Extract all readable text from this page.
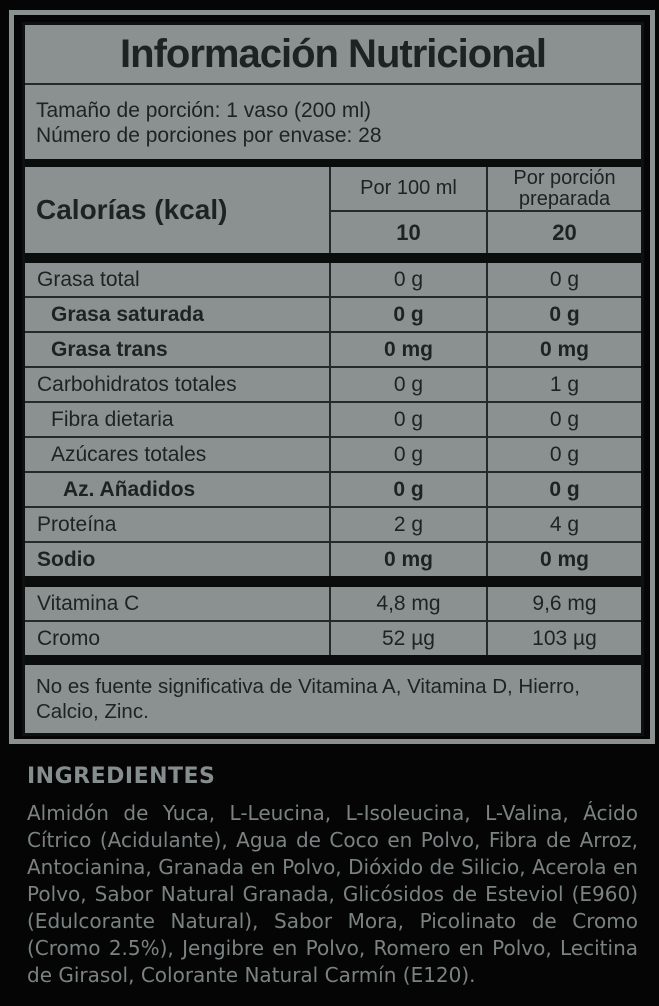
Información Nutricional
Tamaño de porción: 1 vaso (200 ml)
Número de porciones por envase: 28
Calorías (kcal)
Por 100 ml	Por porción preparada
10	20
Grasa total	0 g	0 g
Grasa saturada	0 g	0 g
Grasa trans	0 mg	0 mg
Carbohidratos totales	0 g	1 g
Fibra dietaria	0 g	0 g
Azúcares totales	0 g	0 g
Az. Añadidos	0 g	0 g
Proteína	2 g	4 g
Sodio	0 mg	0 mg
Vitamina C	4,8 mg	9,6 mg
Cromo	52 µg	103 µg
No es fuente significativa de Vitamina A, Vitamina D, Hierro, Calcio, Zinc.
INGREDIENTES
Almidón de Yuca, L-Leucina, L-Isoleucina, L-Valina, Ácido Cítrico (Acidulante), Agua de Coco en Polvo, Fibra de Arroz, Antocianina, Granada en Polvo, Dióxido de Silicio, Acerola en Polvo, Sabor Natural Granada, Glicósidos de Esteviol (E960) (Edulcorante Natural), Sabor Mora, Picolinato de Cromo (Cromo 2.5%), Jengibre en Polvo, Romero en Polvo, Lecitina de Girasol, Colorante Natural Carmín (E120).
